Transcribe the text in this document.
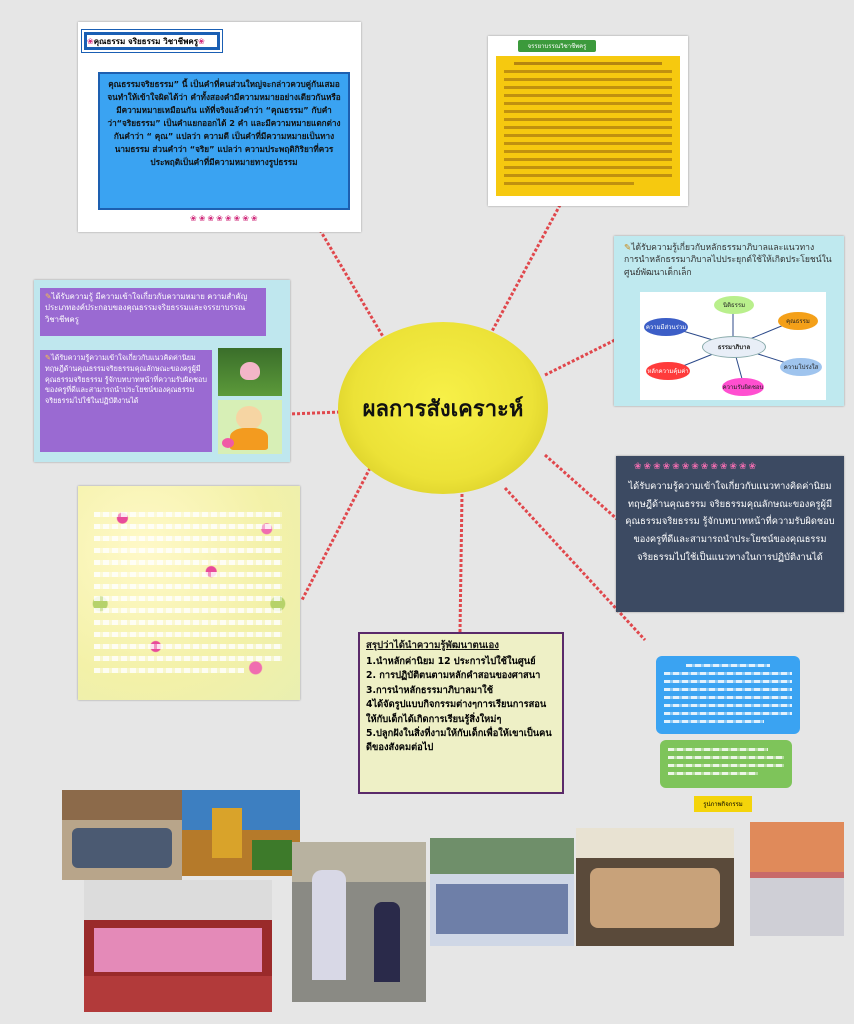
❀ คุณธรรม จริยธรรม วิชาชีพครู ❀
คุณธรรมจริยธรรม” นี้ เป็นคำที่คนส่วนใหญ่จะกล่าวควบคู่กันเสมอ จนทำให้เข้าใจผิดได้ว่า คำทั้งสองคำมีความหมายอย่างเดียวกันหรือมีความหมายเหมือนกัน แท้ที่จริงแล้วคำว่า “คุณธรรม” กับคำว่า“จริยธรรม” เป็นคำแยกออกได้ 2 คำ และมีความหมายแตกต่างกันคำว่า “ คุณ” แปลว่า ความดี เป็นคำที่มีความหมายเป็นทางนามธรรม ส่วนคำว่า “จริย” แปลว่า ความประพฤติกิริยาที่ควรประพฤติเป็นคำที่มีความหมายทางรูปธรรม
❀❀❀❀❀❀❀❀
จรรยาบรรณวิชาชีพครู
✎ได้รับความรู้เกี่ยวกับหลักธรรมาภิบาลและแนวทางการนำหลักธรรมาภิบาลไปประยุกต์ใช้ให้เกิดประโยชน์ในศูนย์พัฒนาเด็กเล็ก
ธรรมาภิบาล
นิติธรรม
คุณธรรม
ความโปร่งใส
ความรับผิดชอบ
หลักความคุ้มค่า
ความมีส่วนร่วม
✎ได้รับความรู้ มีความเข้าใจเกี่ยวกับความหมาย ความสำคัญประเภทองค์ประกอบของคุณธรรมจริยธรรมและจรรยาบรรณวิชาชีพครู
✎ได้รับความรู้ความเข้าใจเกี่ยวกับแนวคิดค่านิยม ทฤษฎีด้านคุณธรรมจริยธรรมคุณลักษณะของครูผู้มีคุณธรรมจริยธรรม รู้จักบทบาทหน้าที่ความรับผิดชอบของครูที่ดีและสามารถนำประโยชน์ของคุณธรรมจริยธรรมไปใช้ในปฏิบัติงานได้	ผลการสังเคราะห์
❀❀❀❀❀❀❀❀❀❀❀❀❀
ได้รับความรู้ความเข้าใจเกี่ยวกับแนวทางคิดค่านิยม ทฤษฎีด้านคุณธรรม จริยธรรมคุณลักษณะของครูผู้มีคุณธรรมจริยธรรม รู้จักบทบาทหน้าที่ความรับผิดชอบของครูที่ดีและสามารถนำประโยชน์ของคุณธรรม จริยธรรมไปใช้เป็นแนวทางในการปฏิบัติงานได้
สรุปว่าได้นำความรู้พัฒนาตนเอง
1.นำหลักค่านิยม 12 ประการไปใช้ในศูนย์
2. การปฏิบัติตนตามหลักคำสอนของศาสนา
3.การนำหลักธรรมาภิบาลมาใช้
4ได้จัดรูปแบบกิจกรรมต่างๆการเรียนการสอนให้กับเด็กได้เกิดการเรียนรู้สิ่งใหม่ๆ
5.ปลูกฝังในสิ่งที่งามให้กับเด็กเพื่อให้เขาเป็นคนดีของสังคมต่อไป
รูปภาพกิจกรรม
